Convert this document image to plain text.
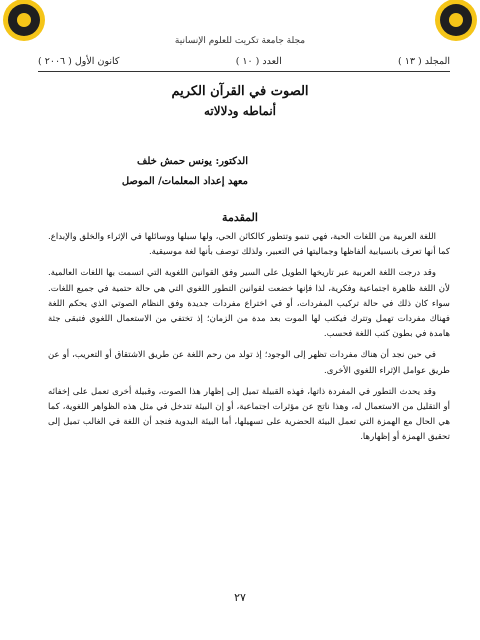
مجلة جامعة تكريت للعلوم الإنسانية
المجلد ( ١٣ )
العدد ( ١٠ )
كانون الأول ( ٢٠٠٦ )
الصوت في القرآن الكريم
أنماطه ودلالاته
الدكتور: يونس حمش خلف
معهد إعداد المعلمات/ الموصل
المقدمة

اللغة العربية من اللغات الحية، فهي تنمو وتتطور كالكائن الحي، ولها سبلها ووسائلها في الإثراء والخلق والإبداع. كما أنها تعرف بانسيابية ألفاظها وجماليتها في التعبير، ولذلك توصف بأنها لغة موسيقية.

وقد درجت اللغة العربية عبر تاريخها الطويل على السير وفق القوانين اللغوية التي اتسمت بها اللغات العالمية. لأن اللغة ظاهرة اجتماعية وفكرية، لذا فإنها خضعت لقوانين التطور اللغوي التي هي حالة حتمية في جميع اللغات. سواء كان ذلك في حالة تركيب المفردات، أو في اختراع مفردات جديدة وفق النظام الصوتي الذي يحكم اللغة فهناك مفردات تهمل وتترك فيكتب لها الموت بعد مدة من الزمان؛ إذ تختفي من الاستعمال اللغوي فتبقى جثة هامدة في بطون كتب اللغة فحسب.

في حين نجد أن هناك مفردات تظهر إلى الوجود؛ إذ تولد من رحم اللغة عن طريق الاشتقاق أو التعريب، أو عن طريق عوامل الإثراء اللغوي الأخرى.

وقد يحدث التطور في المفردة ذاتها، فهذه القبيلة تميل إلى إظهار هذا الصوت، وقبيلة أخرى تعمل على إخفائه أو التقليل من الاستعمال له، وهذا ناتج عن مؤثرات اجتماعية، أو إن البيئة تتدخل في مثل هذه الظواهر اللغوية، كما هي الحال مع الهمزة التي تعمل البيئة الحضرية على تسهيلها، أما البيئة البدوية فنجد أن اللغة في الغالب تميل إلى تحقيق الهمزة أو إظهارها.

٢٧
